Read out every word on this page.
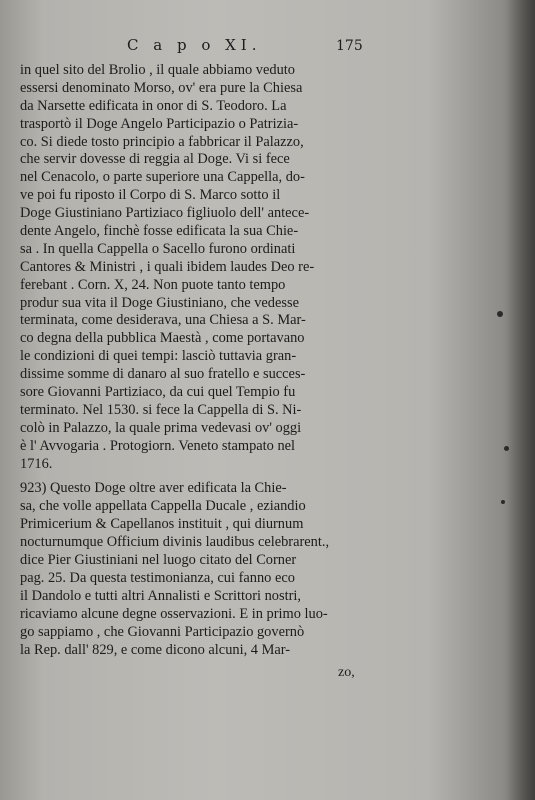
C a p o XI.	175
in quel sito del Brolio , il quale abbiamo veduto
essersi denominato Morso, ov' era pure la Chiesa
da Narsette edificata in onor di S. Teodoro. La
trasportò il Doge Angelo Participazio o Patrizia-
co. Si diede tosto principio a fabbricar il Palazzo,
che servir dovesse di reggia al Doge. Vi si fece
nel Cenacolo, o parte superiore una Cappella, do-
ve poi fu riposto il Corpo di S. Marco sotto il
Doge Giustiniano Partiziaco figliuolo dell' antece-
dente Angelo, finchè fosse edificata la sua Chie-
sa . In quella Cappella o Sacello furono ordinati
Cantores & Ministri , i quali ibidem laudes Deo re-
ferebant . Corn. X, 24. Non puote tanto tempo
produr sua vita il Doge Giustiniano, che vedesse
terminata, come desiderava, una Chiesa a S. Mar-
co degna della pubblica Maestà , come portavano
le condizioni di quei tempi: lasciò tuttavia gran-
dissime somme di danaro al suo fratello e succes-
sore Giovanni Partiziaco, da cui quel Tempio fu
terminato. Nel 1530. si fece la Cappella di S. Ni-
colò in Palazzo, la quale prima vedevasi ov' oggi
è l' Avvogaria . Protogiorn. Veneto stampato nel
1716.
923) Questo Doge oltre aver edificata la Chie-
sa, che volle appellata Cappella Ducale , eziandio
Primicerium & Capellanos instituit , qui diurnum
nocturnumque Officium divinis laudibus celebrarent.,
dice Pier Giustiniani nel luogo citato del Corner
pag. 25. Da questa testimonianza, cui fanno eco
il Dandolo e tutti altri Annalisti e Scrittori nostri,
ricaviamo alcune degne osservazioni. E in primo luo-
go sappiamo , che Giovanni Participazio governò
la Rep. dall' 829, e come dicono alcuni, 4 Mar-
zo,
